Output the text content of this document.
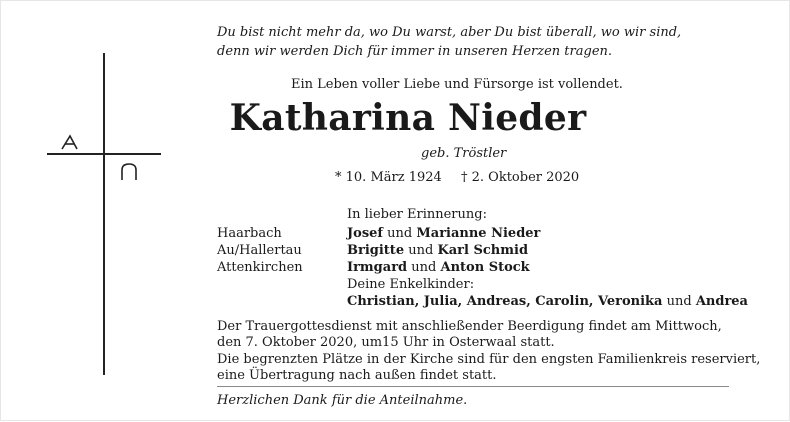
Du bist nicht mehr da, wo Du warst, aber Du bist überall, wo wir sind,
denn wir werden Dich für immer in unseren Herzen tragen.
Ein Leben voller Liebe und Fürsorge ist vollendet.
Katharina Nieder
geb. Tröstler
* 10. März 1924 † 2. Oktober 2020
In lieber Erinnerung:
Haarbach
Au/Hallertau
Attenkirchen
Josef und Marianne Nieder
Brigitte und Karl Schmid
Irmgard und Anton Stock
Deine Enkelkinder:
Christian, Julia, Andreas, Carolin, Veronika und Andrea
Der Trauergottesdienst mit anschließender Beerdigung findet am Mittwoch,
den 7. Oktober 2020, um15 Uhr in Osterwaal statt.
Die begrenzten Plätze in der Kirche sind für den engsten Familienkreis reserviert,
eine Übertragung nach außen findet statt.
Herzlichen Dank für die Anteilnahme.
